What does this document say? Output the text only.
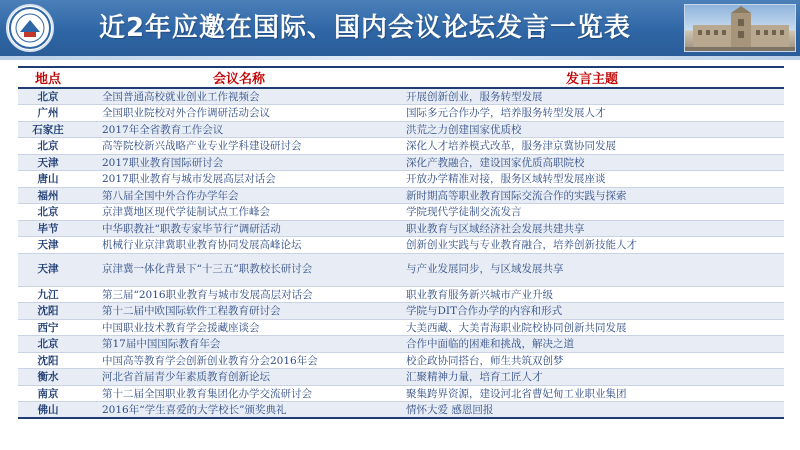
近2年应邀在国际、国内会议论坛发言一览表
地点	会议名称	发言主题
北京	全国普通高校就业创业工作视频会	开展创新创业，服务转型发展
广州	全国职业院校对外合作调研活动会议	国际多元合作办学，培养服务转型发展人才
石家庄	2017年全省教育工作会议	洪荒之力创建国家优质校
北京	高等院校新兴战略产业专业学科建设研讨会	深化人才培养模式改革，服务津京冀协同发展
天津	2017职业教育国际研讨会	深化产教融合，建设国家优质高职院校
唐山	2017职业教育与城市发展高层对话会	开放办学精准对接，服务区域转型发展座谈
福州	第八届全国中外合作办学年会	新时期高等职业教育国际交流合作的实践与探索
北京	京津冀地区现代学徒制试点工作峰会	学院现代学徒制交流发言
毕节	中华职教社“职教专家毕节行”调研活动	职业教育与区域经济社会发展共建共享
天津	机械行业京津冀职业教育协同发展高峰论坛	创新创业实践与专业教育融合，培养创新技能人才
天津	京津冀一体化背景下“十三五”职教校长研讨会	与产业发展同步，与区域发展共享
九江	第三届“2016职业教育与城市发展高层对话会	职业教育服务新兴城市产业升级
沈阳	第十二届中欧国际软件工程教育研讨会	学院与DIT合作办学的内容和形式
西宁	中国职业技术教育学会援藏座谈会	大美西藏、大美青海职业院校协同创新共同发展
北京	第17届中国国际教育年会	合作中面临的困难和挑战，解决之道
沈阳	中国高等教育学会创新创业教育分会2016年会	校企政协同搭台，师生共筑双创梦
衡水	河北省首届青少年素质教育创新论坛	汇聚精神力量，培育工匠人才
南京	第十二届全国职业教育集团化办学交流研讨会	聚集跨界资源，建设河北省曹妃甸工业职业集团
佛山	2016年“学生喜爱的大学校长”颁奖典礼	情怀大爱 感恩回报
